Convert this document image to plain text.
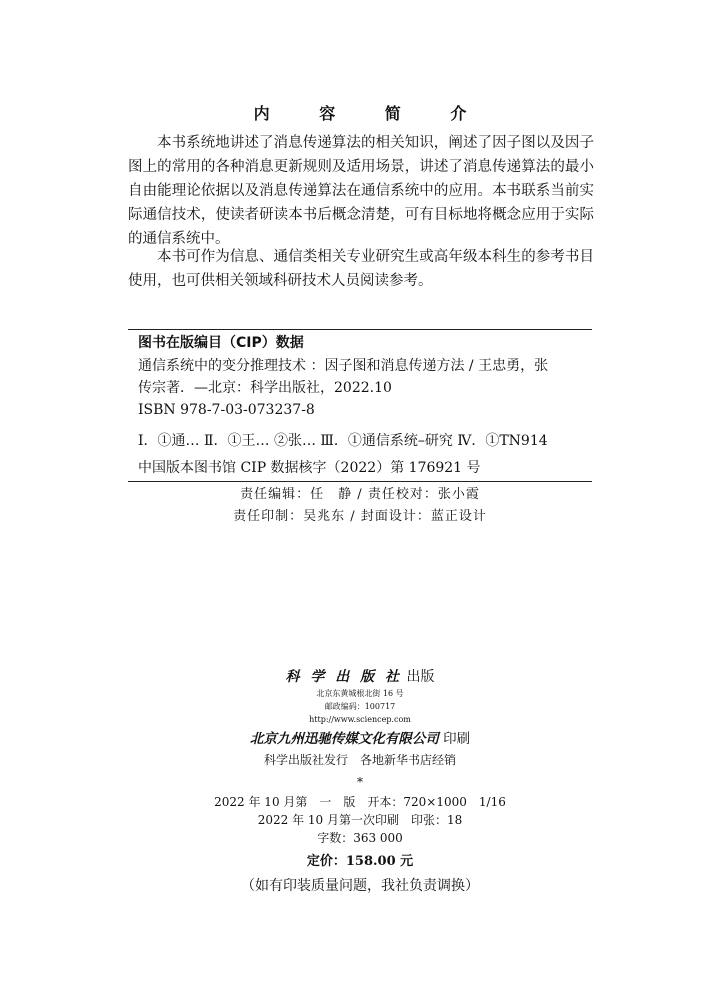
内 容 简 介
本书系统地讲述了消息传递算法的相关知识，阐述了因子图以及因子图上的常用的各种消息更新规则及适用场景，讲述了消息传递算法的最小自由能理论依据以及消息传递算法在通信系统中的应用。本书联系当前实际通信技术，使读者研读本书后概念清楚，可有目标地将概念应用于实际的通信系统中。
本书可作为信息、通信类相关专业研究生或高年级本科生的参考书目使用，也可供相关领域科研技术人员阅读参考。
图书在版编目（CIP）数据
通信系统中的变分推理技术 ：因子图和消息传递方法 / 王忠勇，张
传宗著．—北京：科学出版社，2022.10
ISBN 978-7-03-073237-8
Ⅰ．①通… Ⅱ．①王… ②张… Ⅲ．①通信系统–研究 Ⅳ．①TN914
中国版本图书馆 CIP 数据核字（2022）第 176921 号
责任编辑：任　静 / 责任校对：张小霞
责任印制：吴兆东 / 封面设计：蓝正设计
科 学 出 版 社 出版
北京东黄城根北街 16 号
邮政编码：100717
http://www.sciencep.com
北京九州迅驰传媒文化有限公司 印刷
科学出版社发行　各地新华书店经销
*
2022 年 10 月第　一　版　开本：720×1000　1/16
2022 年 10 月第一次印刷　印张：18
字数：363 000
定价：158.00 元
（如有印装质量问题，我社负责调换）
